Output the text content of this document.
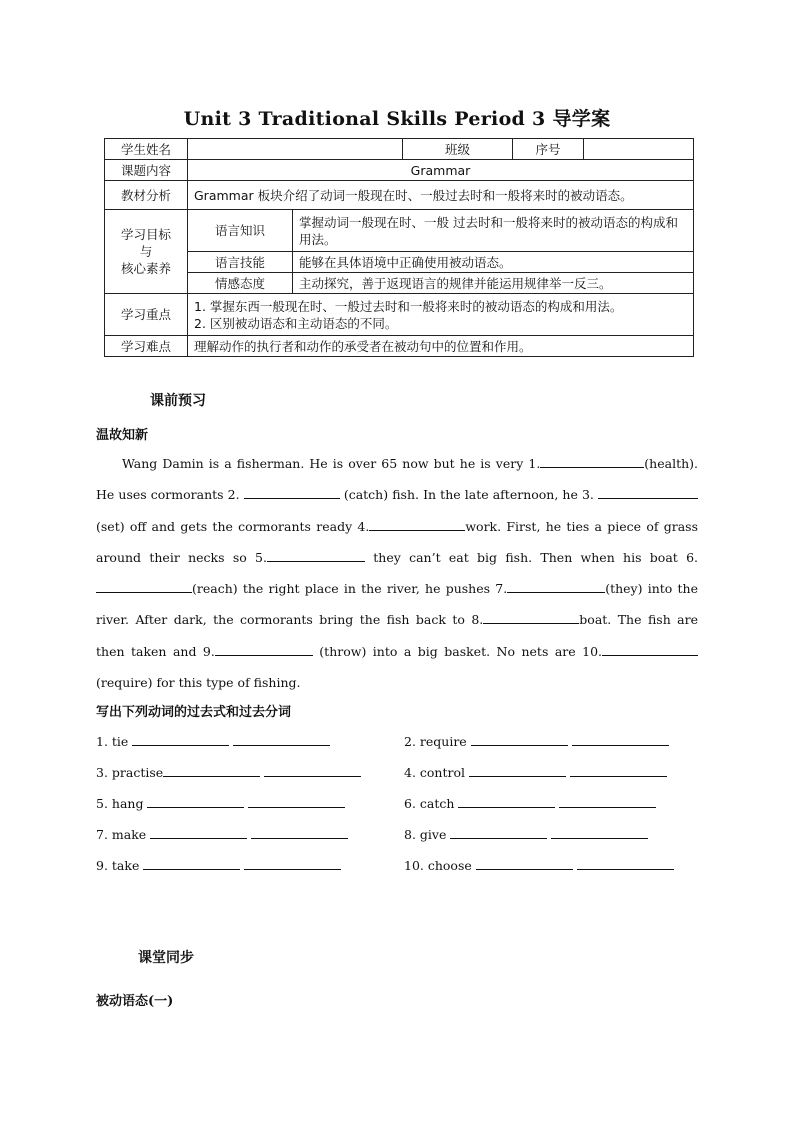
Unit 3 Traditional Skills Period 3 导学案
学生姓名			班级	序号	
课题内容	Grammar				
教材分析	Grammar 板块介绍了动词一般现在时、一般过去时和一般将来时的被动语态。				

学习目标
与
核心素养	语言知识	掌握动词一般现在时、一般 过去时和一般将来时的被动语态的构成和用法。			
	语言技能	能够在具体语境中正确使用被动语态。			
	情感态度	主动探究，善于返现语言的规律并能运用规律举一反三。			
学习重点	1. 掌握东西一般现在时、一般过去时和一般将来时的被动语态的构成和用法。
2. 区别被动语态和主动语态的不同。				

学习难点	理解动作的执行者和动作的承受者在被动句中的位置和作用。				
课前预习
温故知新
Wang Damin is a fisherman. He is over 65 now but he is very 1.	(health). He uses cormorants 2.	(catch) fish. In the late afternoon, he 3. (set) off and gets the cormorants ready 4.	work. First, he ties a piece of grass around their necks so 5.	they can’t eat big fish. Then when his boat 6.(reach) the right place in the river, he pushes 7.	(they) into the river. After dark, the cormorants bring the fish back to 8.	boat. The fish are then taken and 9.	(throw) into a big basket. No nets are 10. (require) for this type of fishing.
写出下列动词的过去式和过去分词
1. tie	2. require
3. practise	4. control
5. hang	6. catch
7. make	8. give
9. take	10. choose
课堂同步
被动语态(一)
